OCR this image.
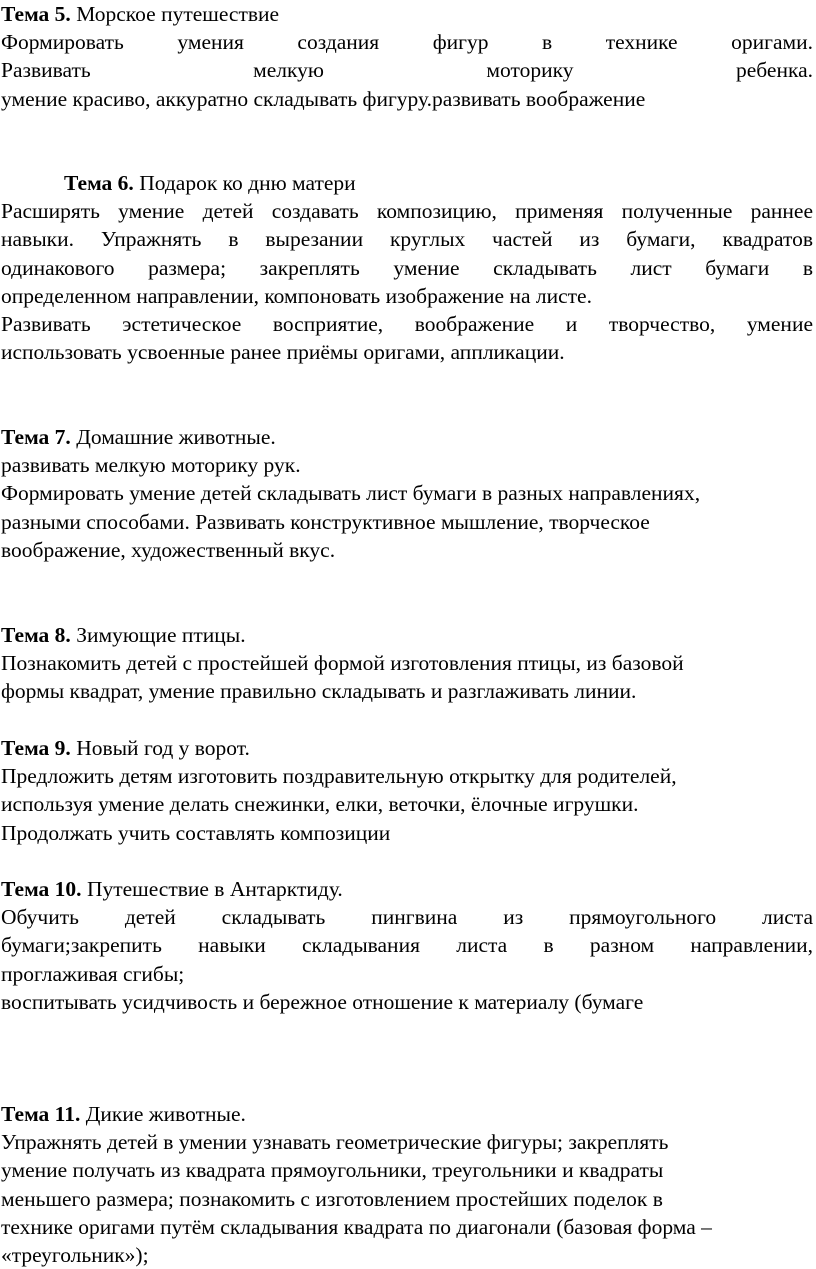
Тема 5. Морское путешествие
Формировать умения создания фигур в технике оригами.
Развивать мелкую моторику ребенка.
умение красиво, аккуратно складывать фигуру.развивать воображение
Тема 6. Подарок ко дню матери
Расширять умение детей создавать композицию, применяя полученные раннее
навыки. Упражнять в вырезании круглых частей из бумаги, квадратов
одинакового размера; закреплять умение складывать лист бумаги в
определенном направлении, компоновать изображение на листе.
Развивать эстетическое восприятие, воображение и творчество, умение
использовать усвоенные ранее приёмы оригами, аппликации.
Тема 7. Домашние животные.
развивать мелкую моторику рук.
Формировать умение детей складывать лист бумаги в разных направлениях,
разными способами. Развивать конструктивное мышление, творческое
воображение, художественный вкус.
Тема 8. Зимующие птицы.
Познакомить детей с простейшей формой изготовления птицы, из базовой
формы квадрат, умение правильно складывать и разглаживать линии.
Тема 9. Новый год у ворот.
Предложить детям изготовить поздравительную открытку для родителей,
используя умение делать снежинки, елки, веточки, ёлочные игрушки.
Продолжать учить составлять композиции
Тема 10. Путешествие в Антарктиду.
Обучить детей складывать пингвина из прямоугольного листа
бумаги;закрепить навыки складывания листа в разном направлении,
проглаживая сгибы;
воспитывать усидчивость и бережное отношение к материалу (бумаге
Тема 11. Дикие животные.
Упражнять детей в умении узнавать геометрические фигуры; закреплять
умение получать из квадрата прямоугольники, треугольники и квадраты
меньшего размера; познакомить с изготовлением простейших поделок в
технике оригами путём складывания квадрата по диагонали (базовая форма –
«треугольник»);
